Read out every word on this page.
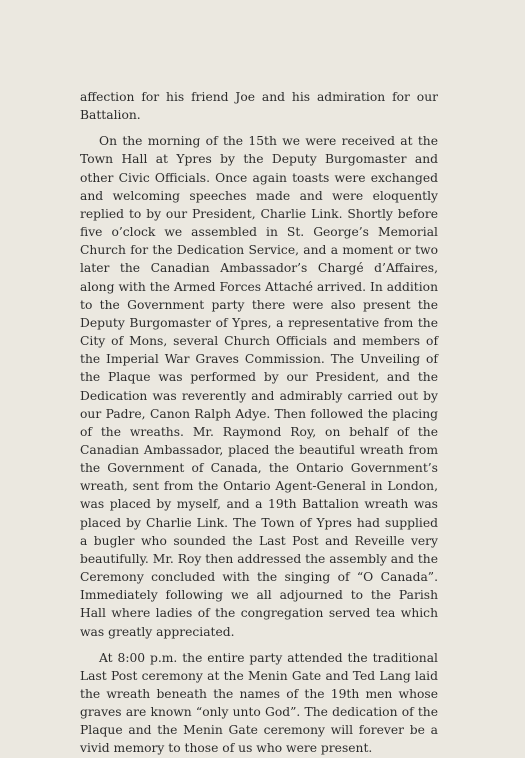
affection for his friend Joe and his admiration for our Battalion.

On the morning of the 15th we were received at the Town Hall at Ypres by the Deputy Burgomaster and other Civic Officials. Once again toasts were exchanged and welcoming speeches made and were eloquently replied to by our President, Charlie Link. Shortly before five o’clock we assembled in St. George’s Memorial Church for the Dedication Service, and a moment or two later the Canadian Ambassador’s Chargé d’Affaires, along with the Armed Forces Attaché arrived. In addition to the Government party there were also present the Deputy Burgomaster of Ypres, a representative from the City of Mons, several Church Officials and members of the Imperial War Graves Commission. The Unveiling of the Plaque was performed by our President, and the Dedication was reverently and admirably carried out by our Padre, Canon Ralph Adye. Then followed the placing of the wreaths. Mr. Raymond Roy, on behalf of the Canadian Ambassador, placed the beautiful wreath from the Government of Canada, the Ontario Government’s wreath, sent from the Ontario Agent-General in London, was placed by myself, and a 19th Battalion wreath was placed by Charlie Link. The Town of Ypres had supplied a bugler who sounded the Last Post and Reveille very beautifully. Mr. Roy then addressed the assembly and the Ceremony concluded with the singing of “O Canada”. Immediately following we all adjourned to the Parish Hall where ladies of the congregation served tea which was greatly appreciated.

At 8:00 p.m. the entire party attended the traditional Last Post ceremony at the Menin Gate and Ted Lang laid the wreath beneath the names of the 19th men whose graves are known “only unto God”. The dedication of the Plaque and the Menin Gate ceremony will forever be a vivid memory to those of us who were present.
